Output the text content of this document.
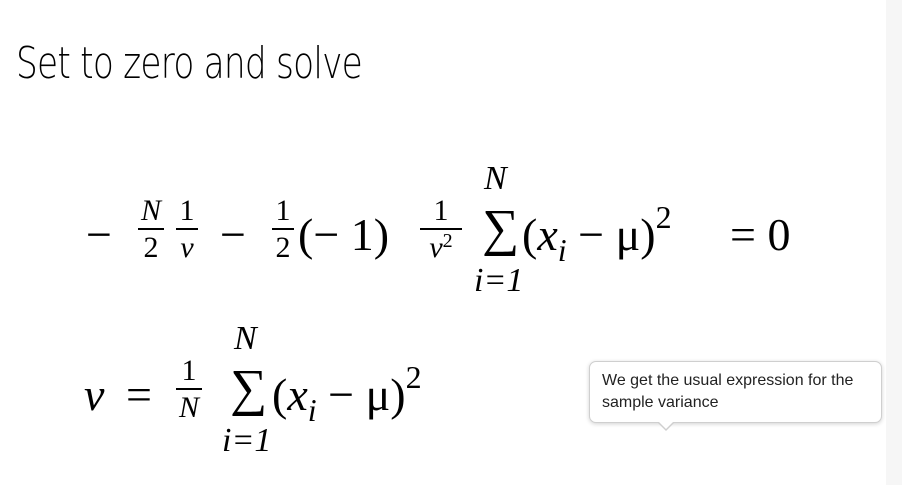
Set to zero and solve
− N
2
1
v − 1
2 (− 1)	1
$v^2$
N
∑
i=1
$(x_i - \mu)^2 = 0$
v = 1
N
N
∑
i=1
$(x_i - \mu)^2$	We get the usual expression for the sample variance
